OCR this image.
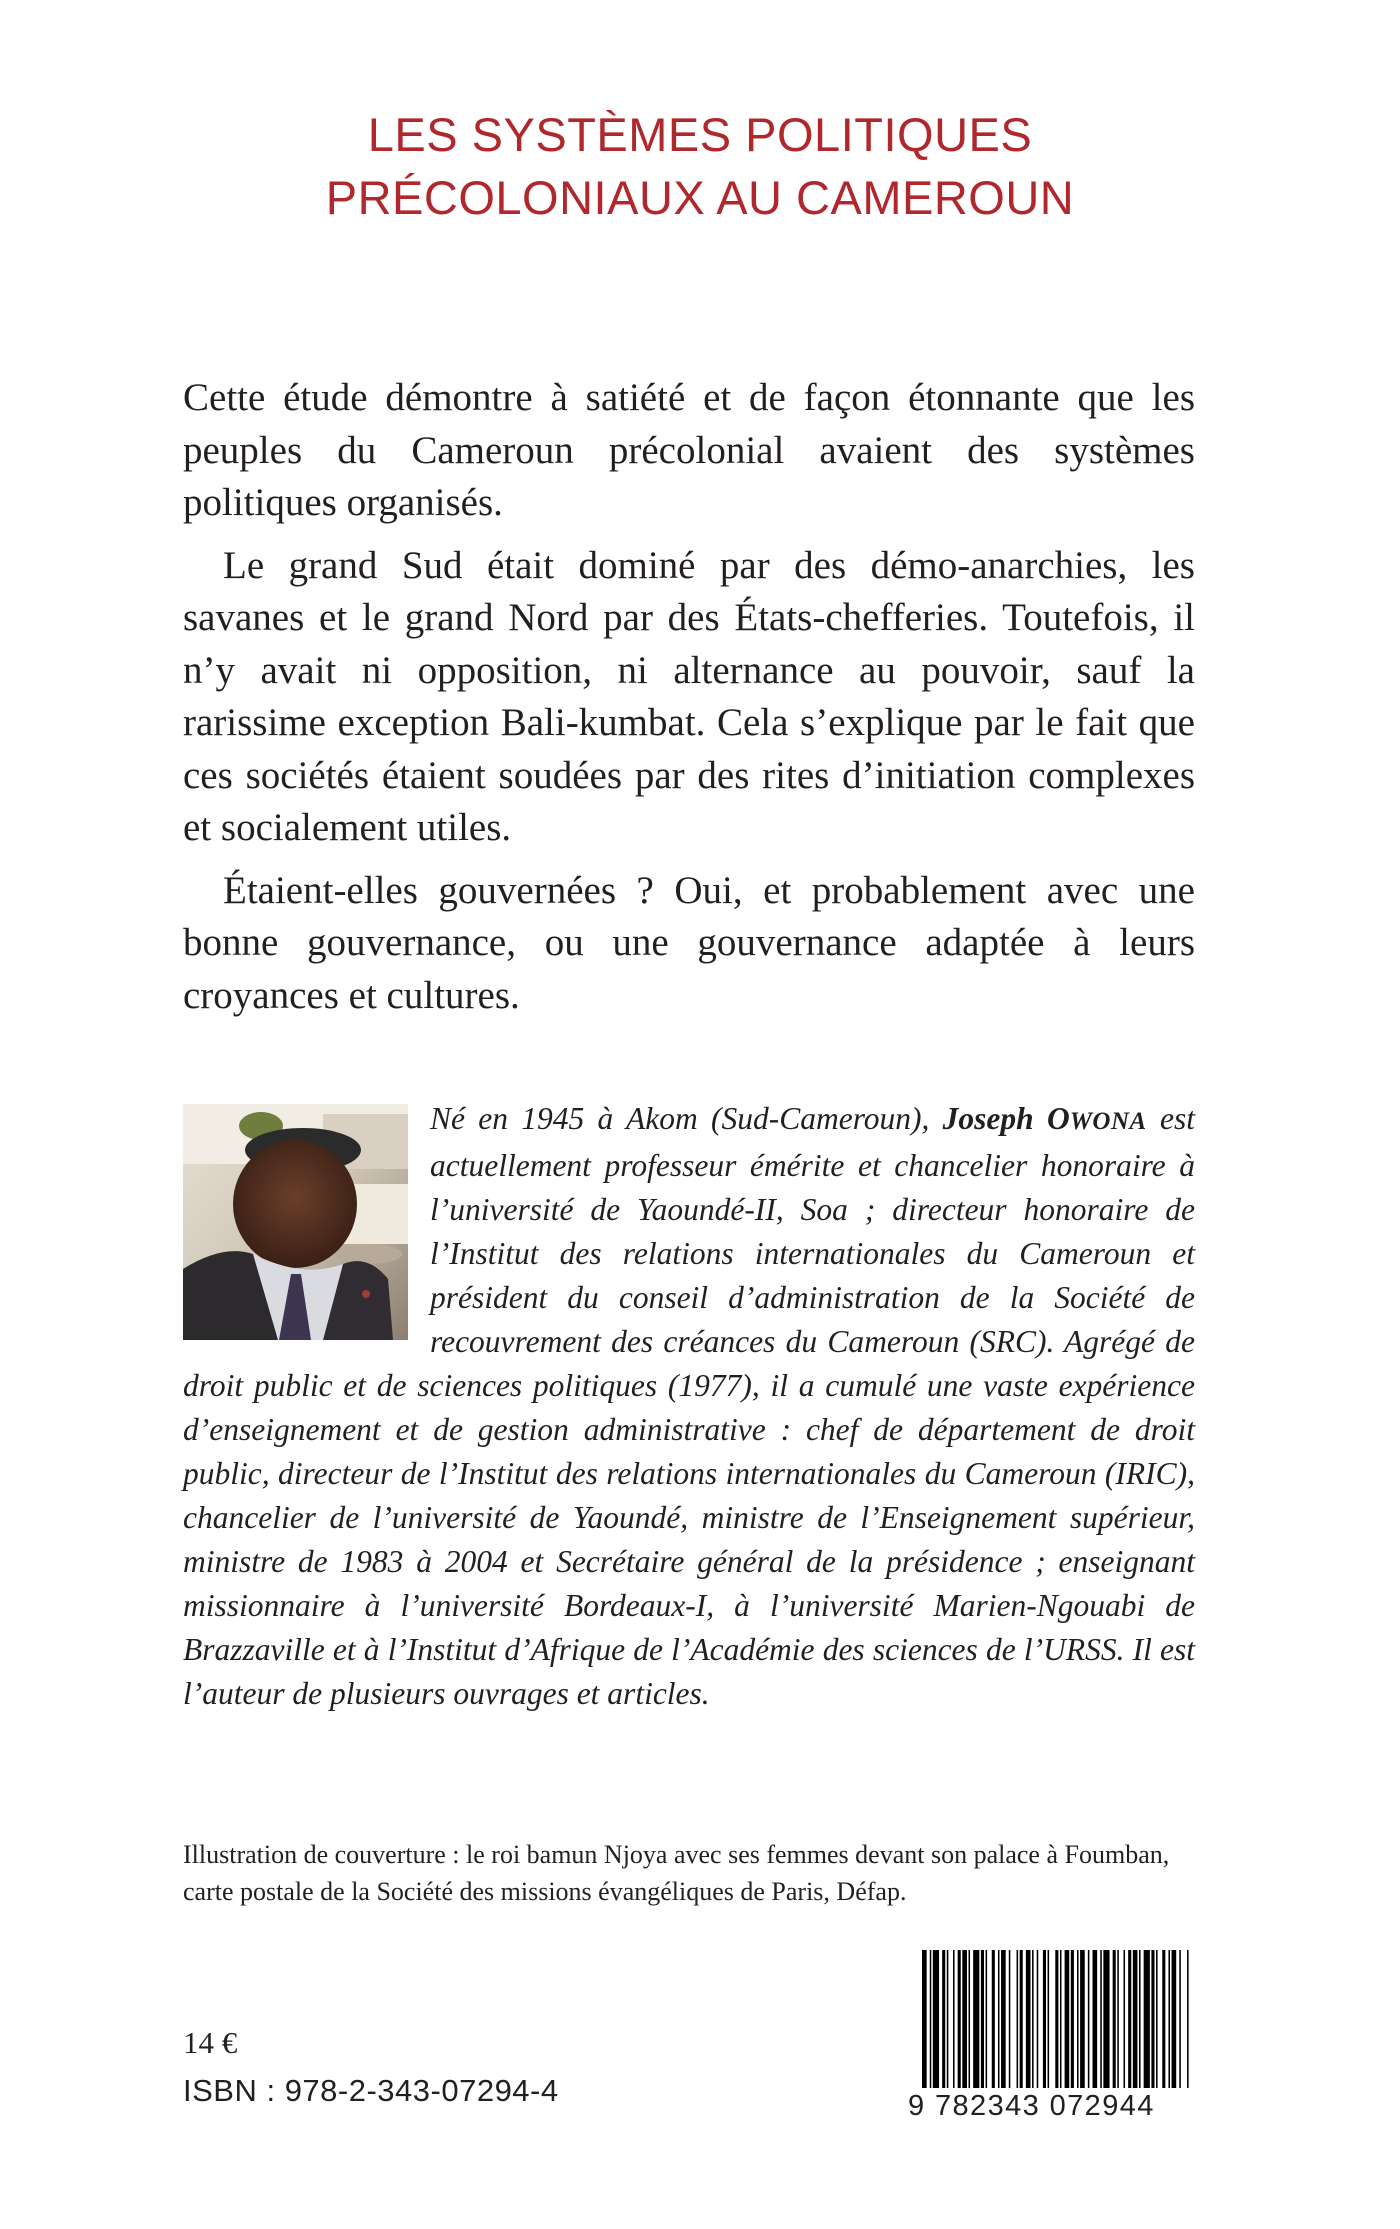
LES SYSTÈMES POLITIQUES
PRÉCOLONIAUX AU CAMEROUN

Cette étude démontre à satiété et de façon étonnante que les peuples du Cameroun précolonial avaient des systèmes politiques organisés.

Le grand Sud était dominé par des démo-anarchies, les savanes et le grand Nord par des États-chefferies. Toutefois, il n’y avait ni opposition, ni alternance au pouvoir, sauf la rarissime exception Bali-kumbat. Cela s’explique par le fait que ces sociétés étaient soudées par des rites d’initiation complexes et socialement utiles.

Étaient-elles gouvernées ? Oui, et probablement avec une bonne gouvernance, ou une gouvernance adaptée à leurs croyances et cultures.

Né en 1945 à Akom (Sud-Cameroun), Joseph OWONA est actuellement professeur émérite et chancelier honoraire à l’université de Yaoundé-II, Soa ; directeur honoraire de l’Institut des relations internationales du Cameroun et président du conseil d’administration de la Société de recouvrement des créances du Cameroun (SRC). Agrégé de droit public et de sciences politiques (1977), il a cumulé une vaste expérience d’enseignement et de gestion administrative : chef de département de droit public, directeur de l’Institut des relations internationales du Cameroun (IRIC), chancelier de l’université de Yaoundé, ministre de l’Enseignement supérieur, ministre de 1983 à 2004 et Secrétaire général de la présidence ; enseignant missionnaire à l’université Bordeaux-I, à l’université Marien-Ngouabi de Brazzaville et à l’Institut d’Afrique de l’Académie des sciences de l’URSS. Il est l’auteur de plusieurs ouvrages et articles.
Illustration de couverture : le roi bamun Njoya avec ses femmes devant son palace à Foumban, carte postale de la Société des missions évangéliques de Paris, Défap.
14 €
ISBN : 978-2-343-07294-4	9 782343 072944
